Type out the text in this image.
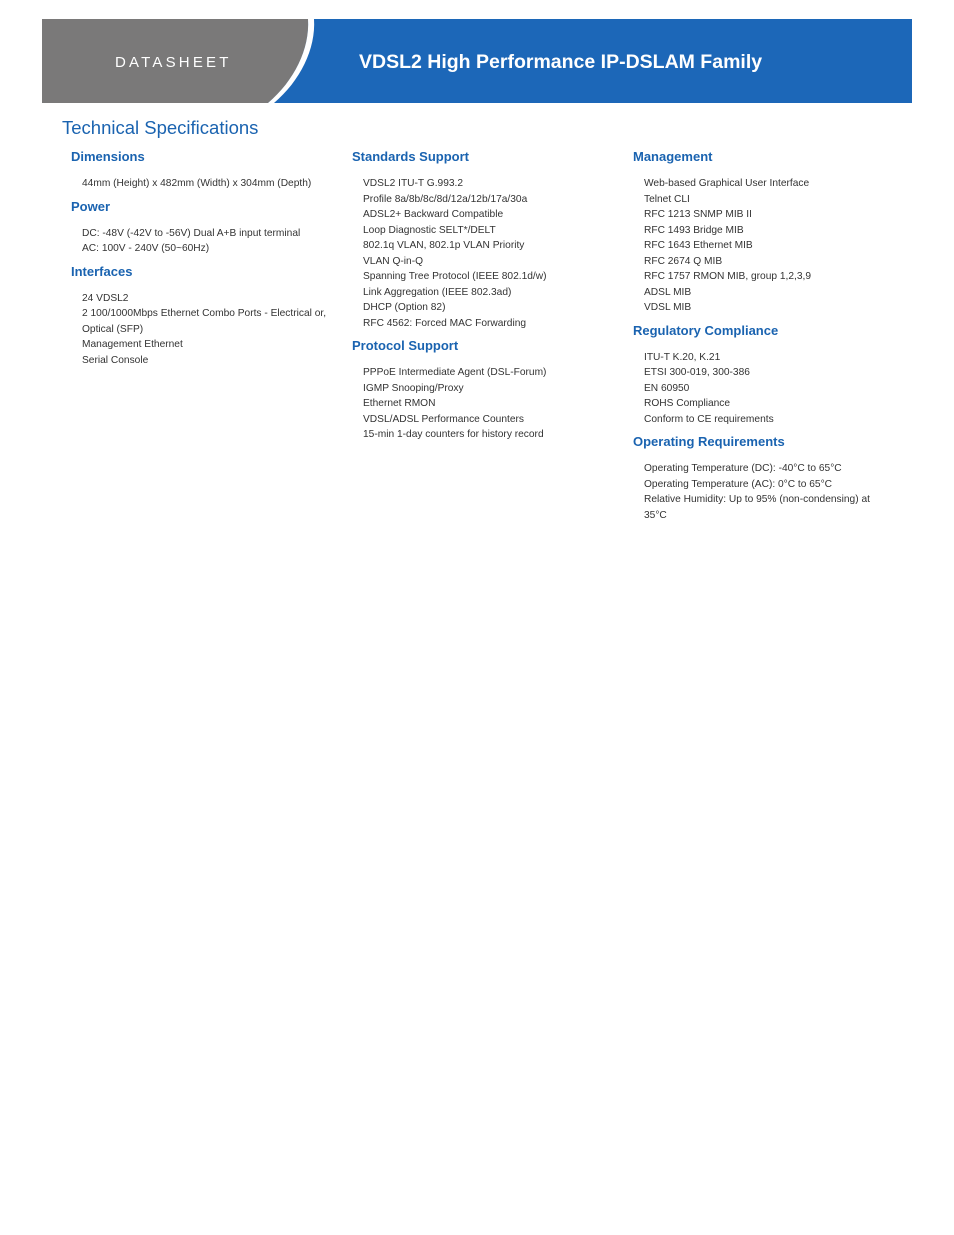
DATASHEET	VDSL2 High Performance IP-DSLAM Family
Technical Specifications
Dimensions
44mm (Height) x 482mm (Width) x 304mm (Depth)
Power
DC: -48V (-42V to -56V) Dual A+B input terminal
AC: 100V - 240V (50~60Hz)
Interfaces
24 VDSL2
2 100/1000Mbps Ethernet Combo Ports - Electrical or, Optical (SFP)
Management Ethernet
Serial Console
Standards Support
VDSL2 ITU-T G.993.2
Profile 8a/8b/8c/8d/12a/12b/17a/30a
ADSL2+ Backward Compatible
Loop Diagnostic SELT*/DELT
802.1q VLAN, 802.1p VLAN Priority
VLAN Q-in-Q
Spanning Tree Protocol (IEEE 802.1d/w)
Link Aggregation (IEEE 802.3ad)
DHCP (Option 82)
RFC 4562: Forced MAC Forwarding
Protocol Support
PPPoE Intermediate Agent (DSL-Forum)
IGMP Snooping/Proxy
Ethernet RMON
VDSL/ADSL Performance Counters
15-min 1-day counters for history record
Management
Web-based Graphical User Interface
Telnet CLI
RFC 1213 SNMP MIB II
RFC 1493 Bridge MIB
RFC 1643 Ethernet MIB
RFC 2674 Q MIB
RFC 1757 RMON MIB, group 1,2,3,9
ADSL MIB
VDSL MIB
Regulatory Compliance
ITU-T K.20, K.21
ETSI 300-019, 300-386
EN 60950
ROHS Compliance
Conform to CE requirements
Operating Requirements
Operating Temperature (DC): -40°C to 65°C
Operating Temperature (AC): 0°C to 65°C
Relative Humidity: Up to 95% (non-condensing) at 35°C
